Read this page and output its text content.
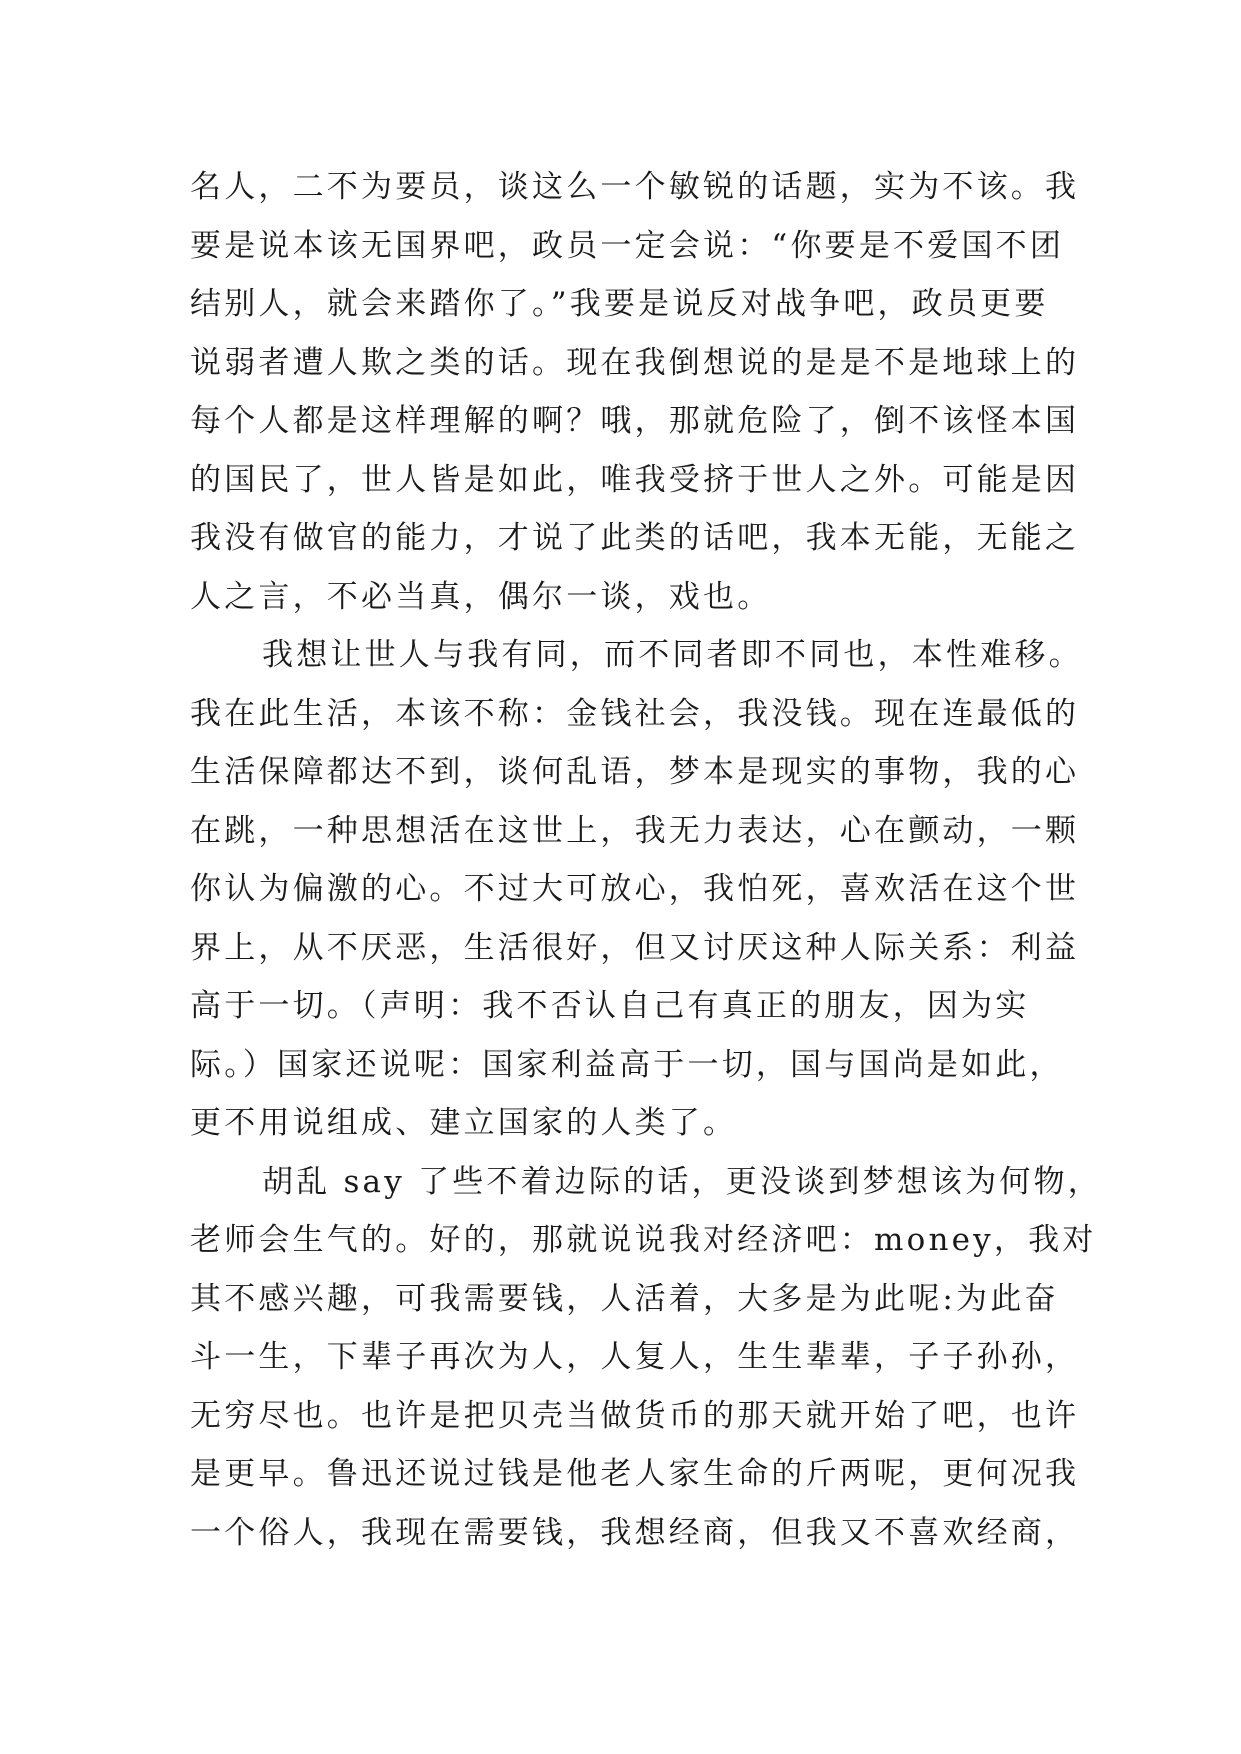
名人，二不为要员，谈这么一个敏锐的话题，实为不该。我
要是说本该无国界吧，政员一定会说：“你要是不爱国不团
结别人，就会来踏你了。”我要是说反对战争吧，政员更要
说弱者遭人欺之类的话。现在我倒想说的是是不是地球上的
每个人都是这样理解的啊？哦，那就危险了，倒不该怪本国
的国民了，世人皆是如此，唯我受挤于世人之外。可能是因
我没有做官的能力，才说了此类的话吧，我本无能，无能之
人之言，不必当真，偶尔一谈，戏也。
我想让世人与我有同，而不同者即不同也，本性难移。
我在此生活，本该不称：金钱社会，我没钱。现在连最低的
生活保障都达不到，谈何乱语，梦本是现实的事物，我的心
在跳，一种思想活在这世上，我无力表达，心在颤动，一颗
你认为偏激的心。不过大可放心，我怕死，喜欢活在这个世
界上，从不厌恶，生活很好，但又讨厌这种人际关系：利益
高于一切。（声明：我不否认自己有真正的朋友，因为实
际。）国家还说呢：国家利益高于一切，国与国尚是如此，
更不用说组成、建立国家的人类了。
胡乱 say 了些不着边际的话，更没谈到梦想该为何物，
老师会生气的。好的，那就说说我对经济吧：money，我对
其不感兴趣，可我需要钱，人活着，大多是为此呢:为此奋
斗一生，下辈子再次为人，人复人，生生辈辈，子子孙孙，
无穷尽也。也许是把贝壳当做货币的那天就开始了吧，也许
是更早。鲁迅还说过钱是他老人家生命的斤两呢，更何况我
一个俗人，我现在需要钱，我想经商，但我又不喜欢经商，
